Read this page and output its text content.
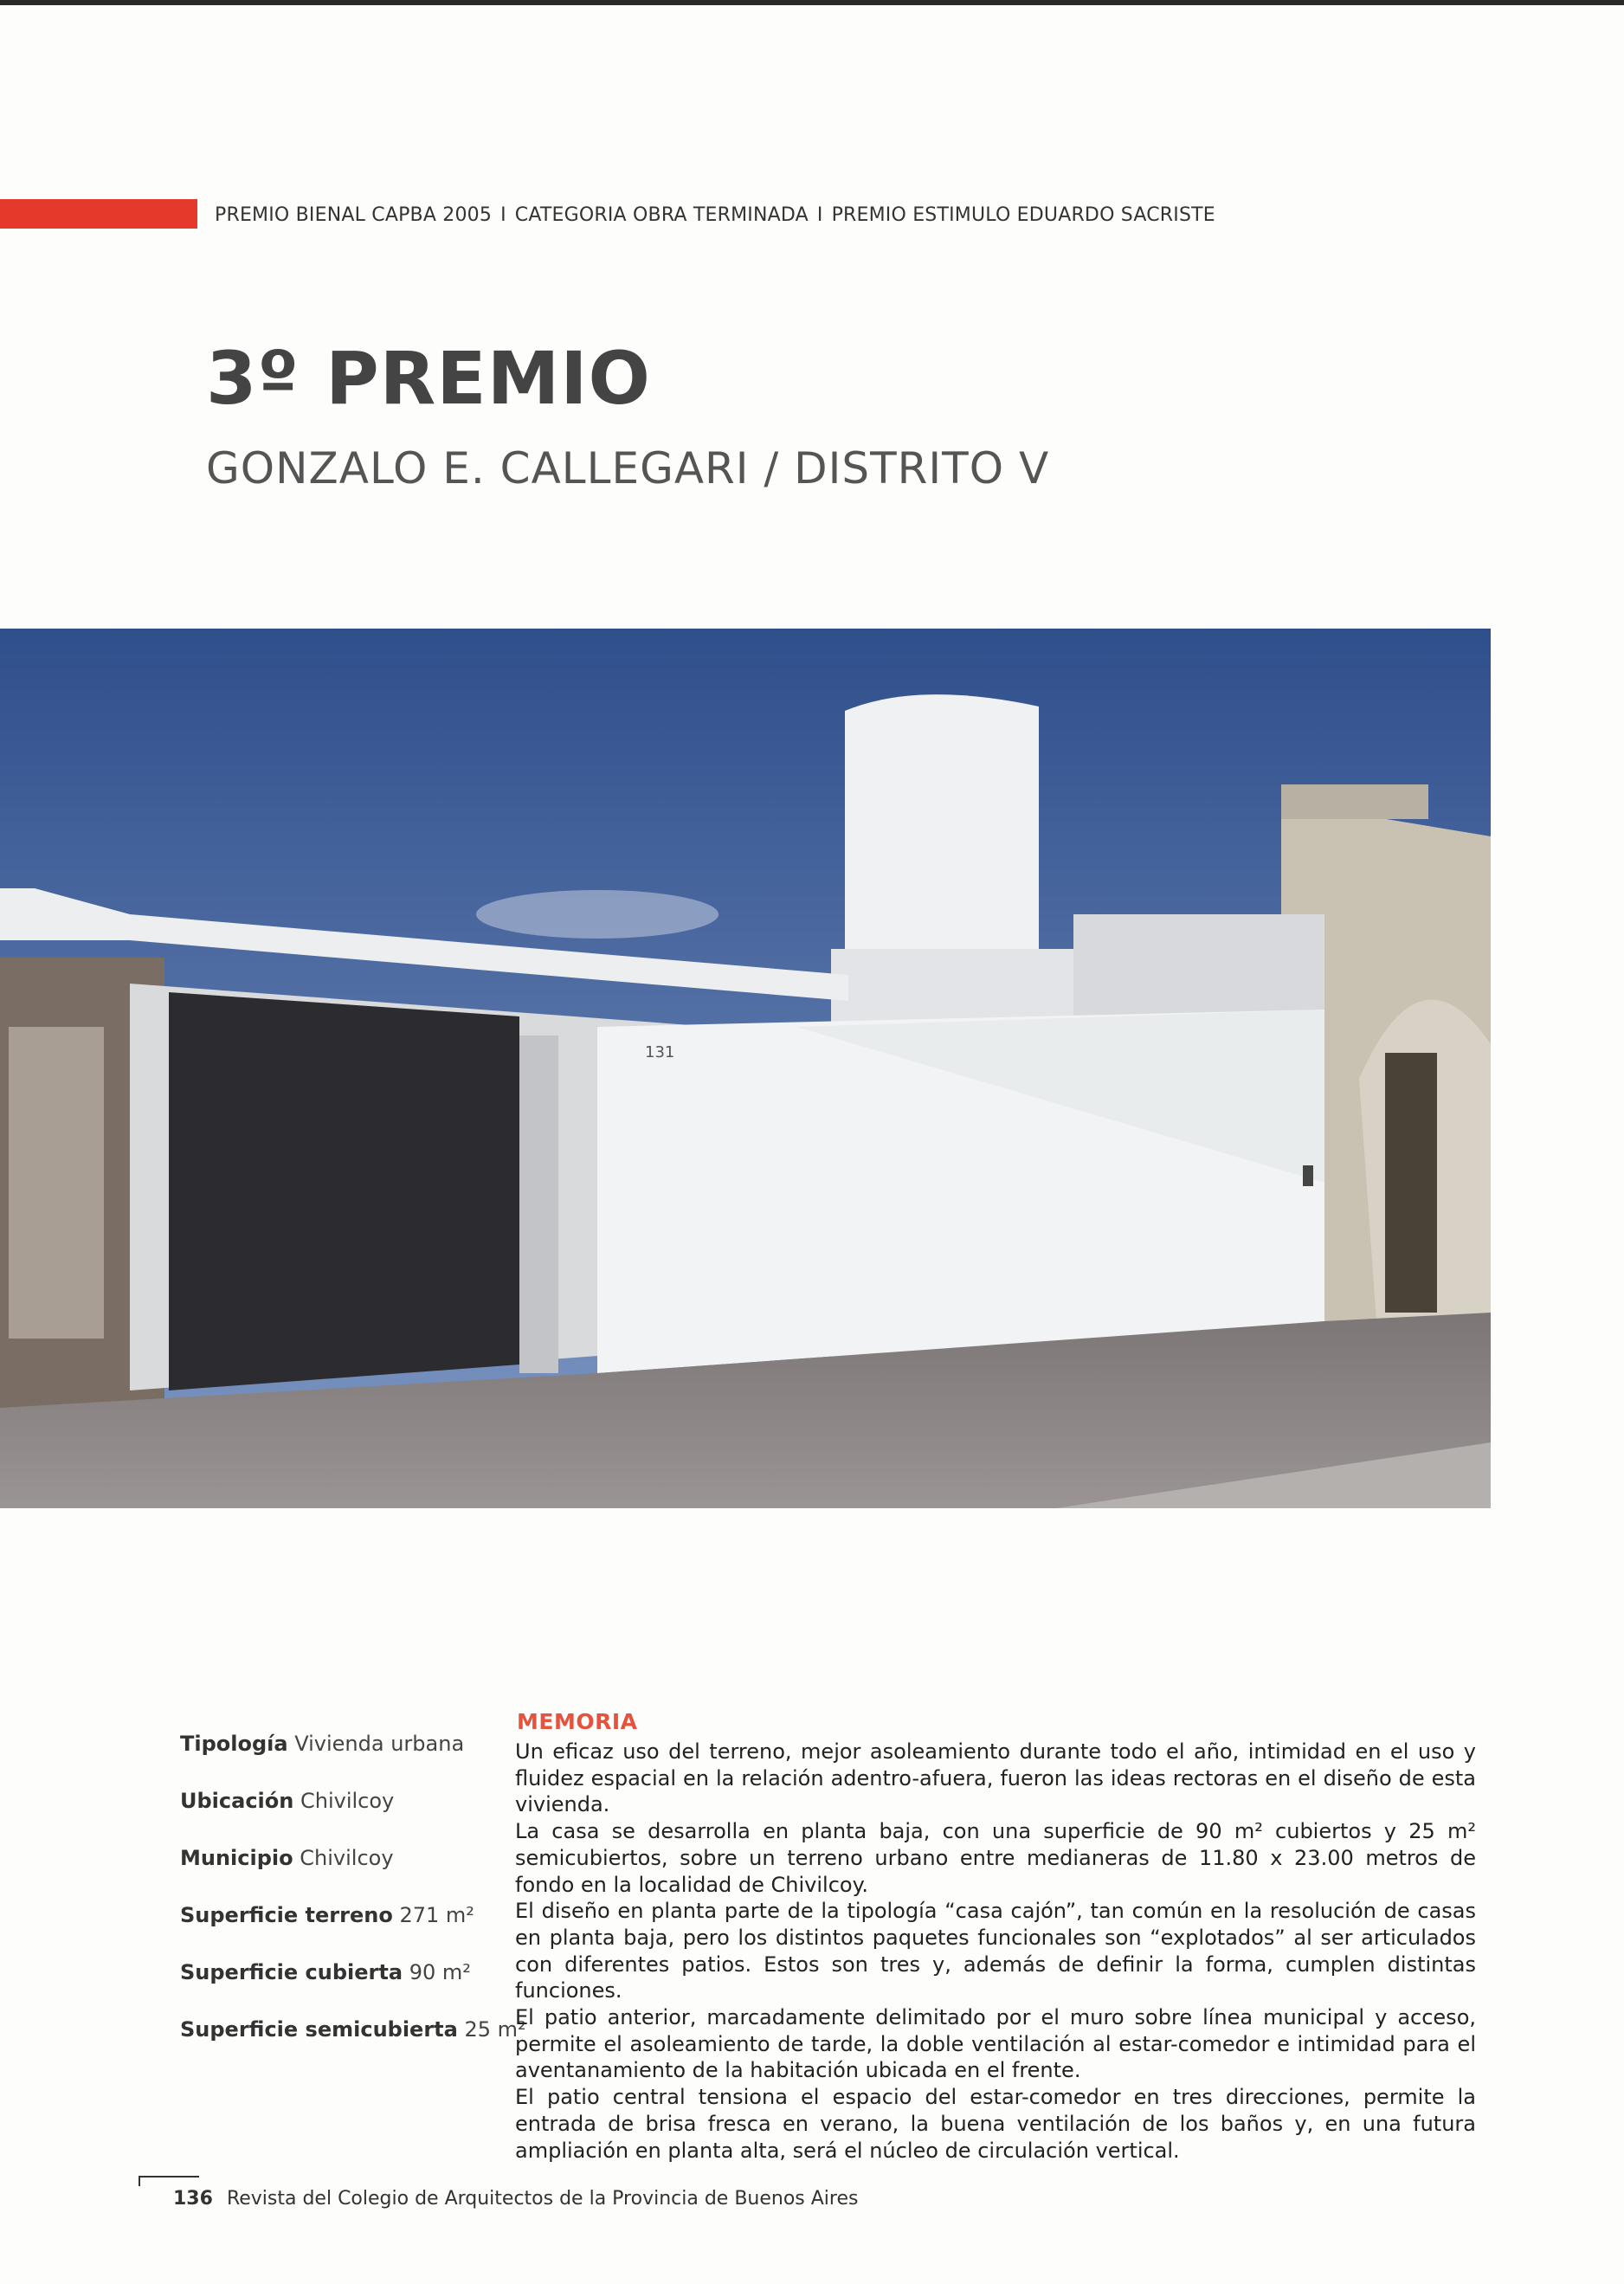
PREMIO BIENAL CAPBA 2005 I CATEGORIA OBRA TERMINADA I PREMIO ESTIMULO EDUARDO SACRISTE
3º PREMIO
GONZALO E. CALLEGARI / DISTRITO V
131
Tipología Vivienda urbana
Ubicación Chivilcoy
Municipio Chivilcoy
Superficie terreno 271 m²
Superficie cubierta 90 m²
Superficie semicubierta 25 m²
MEMORIA

Un eficaz uso del terreno, mejor asoleamiento durante todo el año, intimidad en el uso y fluidez espacial en la relación adentro-afuera, fueron las ideas rectoras en el diseño de esta vivienda.

La casa se desarrolla en planta baja, con una superficie de 90 m² cubiertos y 25 m² semicubiertos, sobre un terreno urbano entre medianeras de 11.80 x 23.00 metros de fondo en la localidad de Chivilcoy.

El diseño en planta parte de la tipología “casa cajón”, tan común en la resolución de casas en planta baja, pero los distintos paquetes funcionales son “explotados” al ser articulados con diferentes patios. Estos son tres y, además de definir la forma, cumplen distintas funciones.

El patio anterior, marcadamente delimitado por el muro sobre línea municipal y acceso, permite el asoleamiento de tarde, la doble ventilación al estar-comedor e intimidad para el aventanamiento de la habitación ubicada en el frente.

El patio central tensiona el espacio del estar-comedor en tres direcciones, permite la entrada de brisa fresca en verano, la buena ventilación de los baños y, en una futura ampliación en planta alta, será el núcleo de circulación vertical.

136 Revista del Colegio de Arquitectos de la Provincia de Buenos Aires
